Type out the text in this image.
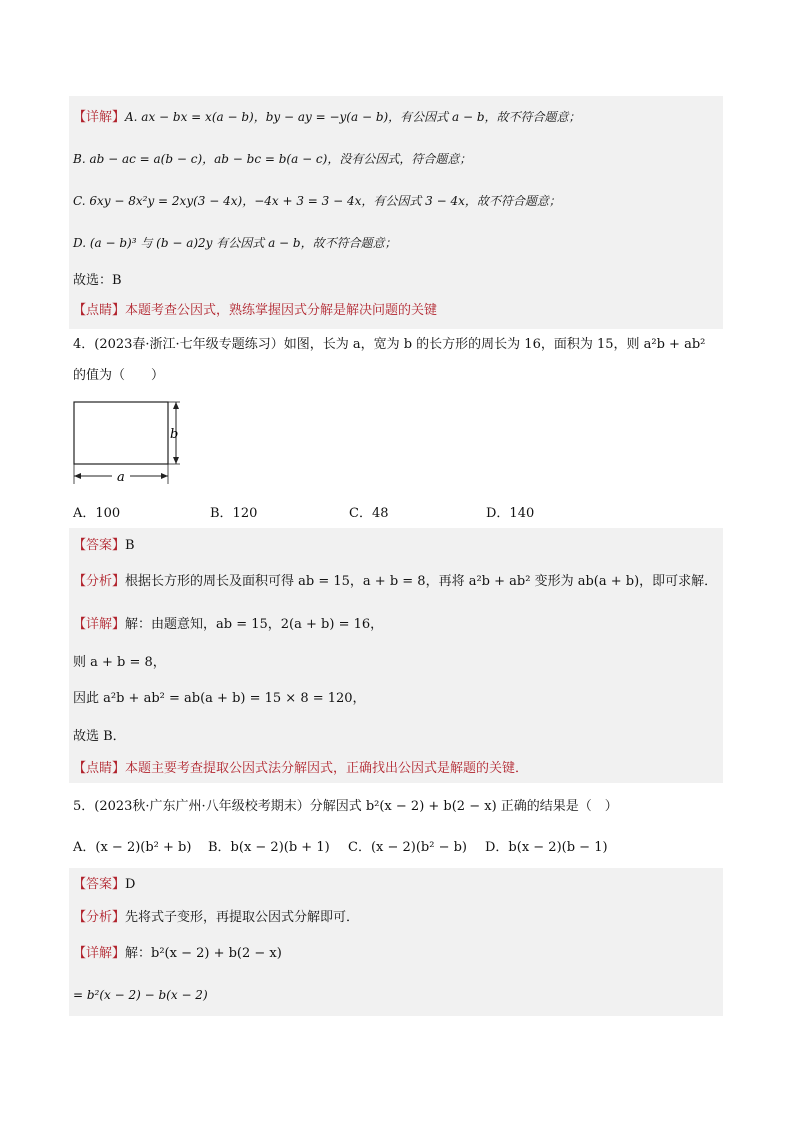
【详解】A. ax − bx = x(a − b)，by − ay = −y(a − b)，有公因式 a − b，故不符合题意；
B. ab − ac = a(b − c)，ab − bc = b(a − c)，没有公因式，符合题意；
C. 6xy − 8x²y = 2xy(3 − 4x)，−4x + 3 = 3 − 4x，有公因式 3 − 4x，故不符合题意；
D. (a − b)³ 与 (b − a)2y 有公因式 a − b，故不符合题意；
故选：B
【点睛】本题考查公因式，熟练掌握因式分解是解决问题的关键
4．(2023春·浙江·七年级专题练习）如图，长为 a，宽为 b 的长方形的周长为 16，面积为 15，则 a²b + ab²
的值为（　　）
b
a
A．100	B．120	C．48	D．140
【答案】B
【分析】根据长方形的周长及面积可得 ab = 15，a + b = 8，再将 a²b + ab² 变形为 ab(a + b)，即可求解．
【详解】解：由题意知，ab = 15，2(a + b) = 16，
则 a + b = 8，
因此 a²b + ab² = ab(a + b) = 15 × 8 = 120，
故选 B．
【点睛】本题主要考查提取公因式法分解因式，正确找出公因式是解题的关键．
5．(2023秋·广东广州·八年级校考期末）分解因式 b²(x − 2) + b(2 − x) 正确的结果是（　）
A．(x − 2)(b² + b) B．b(x − 2)(b + 1) C．(x − 2)(b² − b) D．b(x − 2)(b − 1)
【答案】D
【分析】先将式子变形，再提取公因式分解即可．
【详解】解：b²(x − 2) + b(2 − x)
= b²(x − 2) − b(x − 2)
